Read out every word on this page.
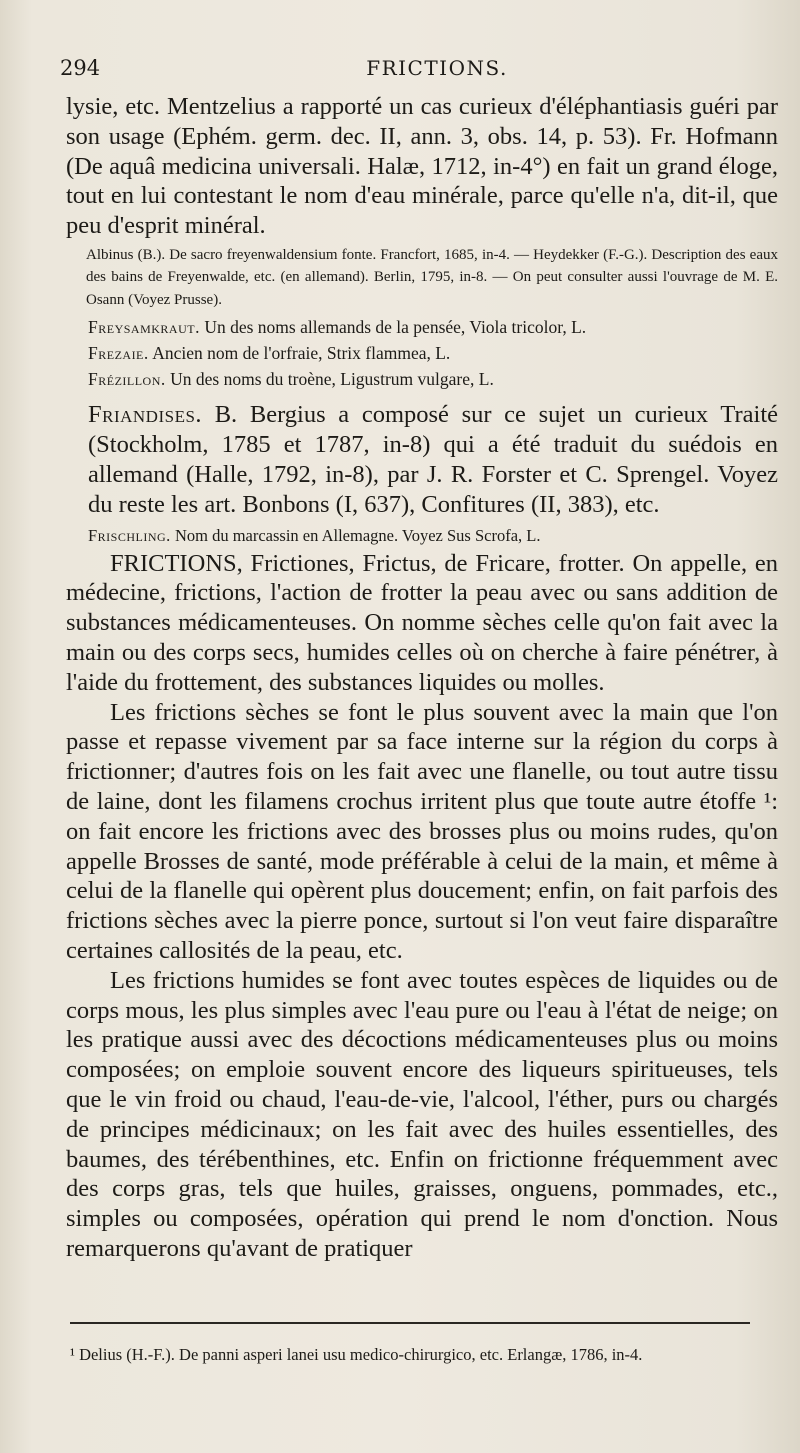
294	FRICTIONS.

lysie, etc. Mentzelius a rapporté un cas curieux d'éléphantiasis guéri par son usage (Ephém. germ. dec. II, ann. 3, obs. 14, p. 53). Fr. Hofmann (De aquâ medicina universali. Halæ, 1712, in-4°) en fait un grand éloge, tout en lui contestant le nom d'eau minérale, parce qu'elle n'a, dit-il, que peu d'esprit minéral.

Albinus (B.). De sacro freyenwaldensium fonte. Francfort, 1685, in-4. — Heydekker (F.-G.). Description des eaux des bains de Freyenwalde, etc. (en allemand). Berlin, 1795, in-8. — On peut consulter aussi l'ouvrage de M. E. Osann (Voyez Prusse).

Freysamkraut. Un des noms allemands de la pensée, Viola tricolor, L.

Frezaie. Ancien nom de l'orfraie, Strix flammea, L.

Frézillon. Un des noms du troène, Ligustrum vulgare, L.

Friandises. B. Bergius a composé sur ce sujet un curieux Traité (Stockholm, 1785 et 1787, in-8) qui a été traduit du suédois en allemand (Halle, 1792, in-8), par J. R. Forster et C. Sprengel. Voyez du reste les art. Bonbons (I, 637), Confitures (II, 383), etc.

Frischling. Nom du marcassin en Allemagne. Voyez Sus Scrofa, L.

FRICTIONS, Frictiones, Frictus, de Fricare, frotter. On appelle, en médecine, frictions, l'action de frotter la peau avec ou sans addition de substances médicamenteuses. On nomme sèches celle qu'on fait avec la main ou des corps secs, humides celles où on cherche à faire pénétrer, à l'aide du frottement, des substances liquides ou molles.

Les frictions sèches se font le plus souvent avec la main que l'on passe et repasse vivement par sa face interne sur la région du corps à frictionner; d'autres fois on les fait avec une flanelle, ou tout autre tissu de laine, dont les filamens crochus irritent plus que toute autre étoffe ¹: on fait encore les frictions avec des brosses plus ou moins rudes, qu'on appelle Brosses de santé, mode préférable à celui de la main, et même à celui de la flanelle qui opèrent plus doucement; enfin, on fait parfois des frictions sèches avec la pierre ponce, surtout si l'on veut faire disparaître certaines callosités de la peau, etc.

Les frictions humides se font avec toutes espèces de liquides ou de corps mous, les plus simples avec l'eau pure ou l'eau à l'état de neige; on les pratique aussi avec des décoctions médicamenteuses plus ou moins composées; on emploie souvent encore des liqueurs spiritueuses, tels que le vin froid ou chaud, l'eau-de-vie, l'alcool, l'éther, purs ou chargés de principes médicinaux; on les fait avec des huiles essentielles, des baumes, des térébenthines, etc. Enfin on frictionne fréquemment avec des corps gras, tels que huiles, graisses, onguens, pommades, etc., simples ou composées, opération qui prend le nom d'onction. Nous remarquerons qu'avant de pratiquer

¹ Delius (H.-F.). De panni asperi lanei usu medico-chirurgico, etc. Erlangæ, 1786, in-4.
